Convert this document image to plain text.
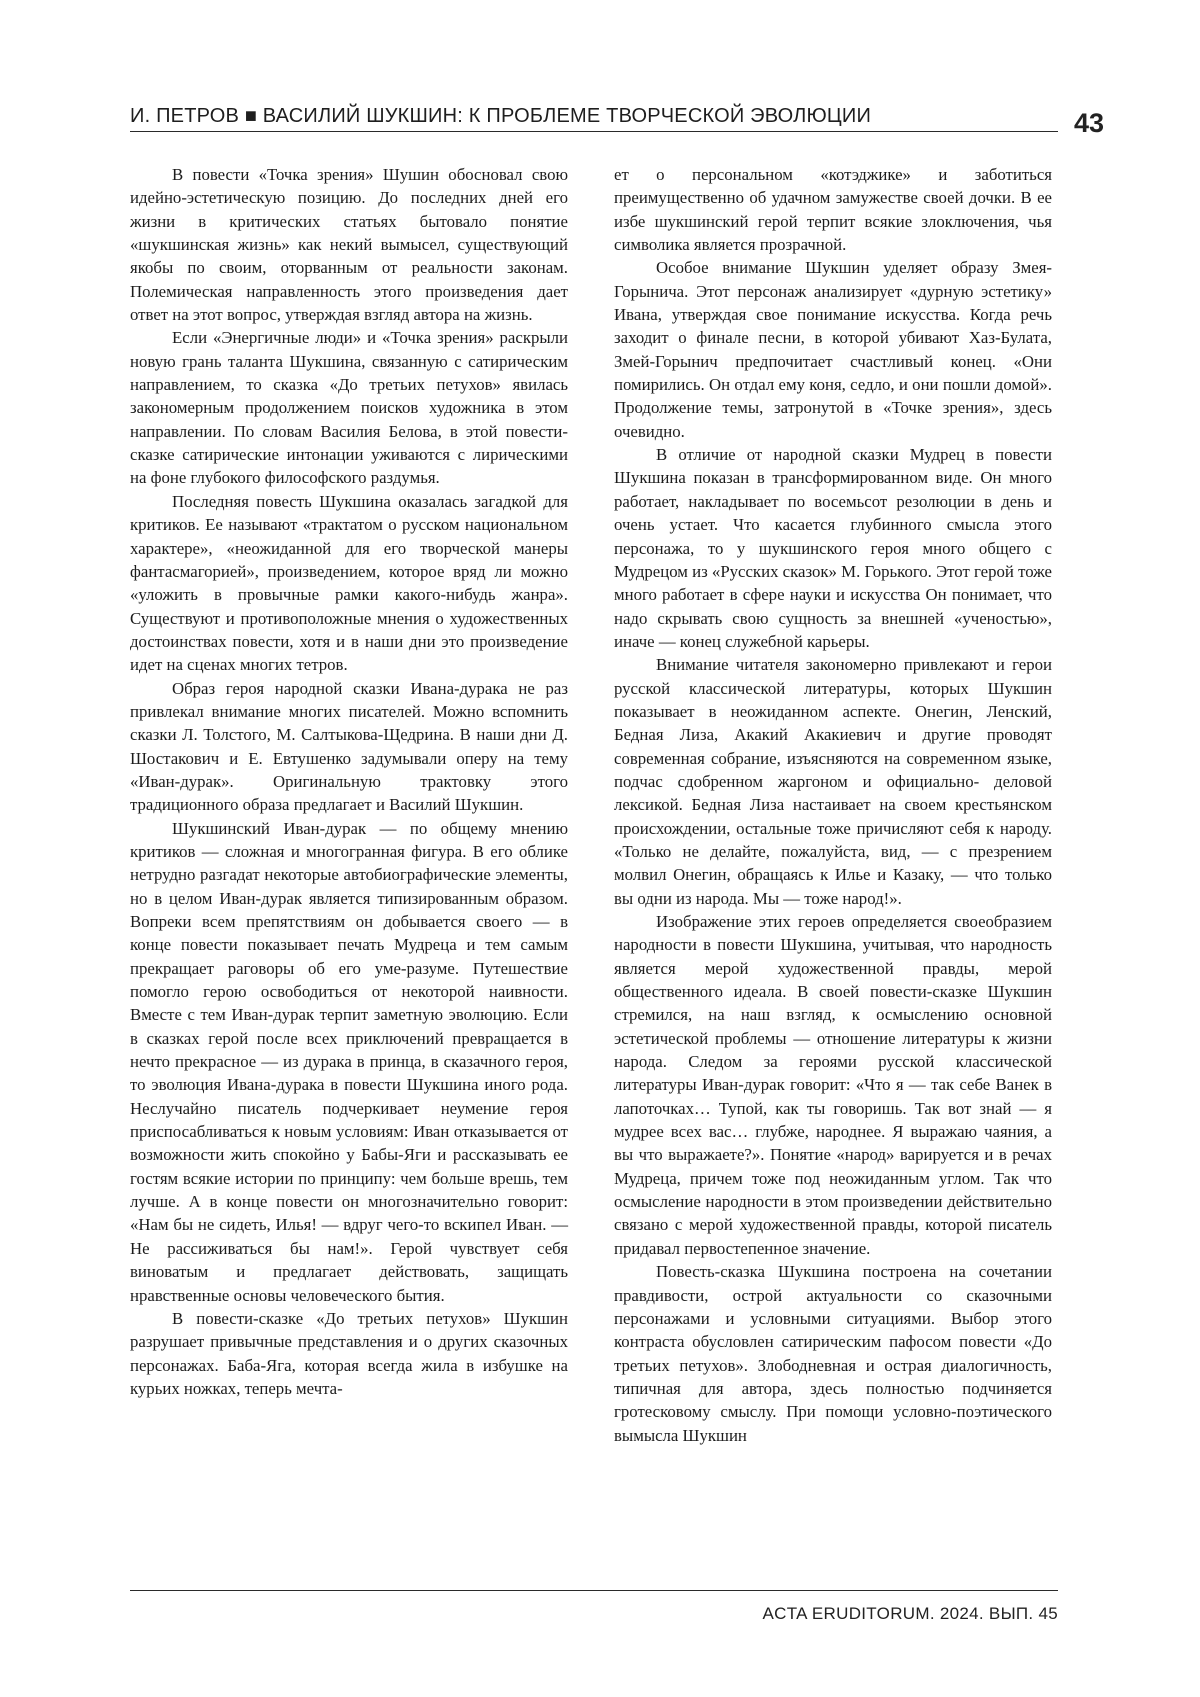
И. ПЕТРОВ ■ ВАСИЛИЙ ШУКШИН: К ПРОБЛЕМЕ ТВОРЧЕСКОЙ ЭВОЛЮЦИИ	43

В повести «Точка зрения» Шушин обосновал свою идейно-эстетическую позицию. До последних дней его жизни в критических статьях бытовало понятие «шукшинская жизнь» как некий вымысел, существующий якобы по своим, оторванным от реальности законам. Полемическая направленность этого произведения дает ответ на этот вопрос, утверждая взгляд автора на жизнь.

Если «Энергичные люди» и «Точка зрения» раскрыли новую грань таланта Шукшина, связанную с сатирическим направлением, то сказка «До третьих петухов» явилась закономерным продолжением поисков художника в этом направлении. По словам Василия Белова, в этой повести-сказке сатирические интонации уживаются с лирическими на фоне глубокого философского раздумья.

Последняя повесть Шукшина оказалась загадкой для критиков. Ее называют «трактатом о русском национальном характере», «неожиданной для его творческой манеры фантасмагорией», произведением, которое вряд ли можно «уложить в провычные рамки какого-нибудь жанра». Существуют и противоположные мнения о художественных достоинствах повести, хотя и в наши дни это произведение идет на сценах многих тетров.

Образ героя народной сказки Ивана-дурака не раз привлекал внимание многих писателей. Можно вспомнить сказки Л. Толстого, М. Салтыкова-Щедрина. В наши дни Д. Шостакович и Е. Евтушенко задумывали оперу на тему «Иван-дурак». Оригинальную трактовку этого традиционного образа предлагает и Василий Шукшин.

Шукшинский Иван-дурак — по общему мнению критиков — сложная и многогранная фигура. В его облике нетрудно разгадат некоторые автобиографические элементы, но в целом Иван-дурак является типизированным образом. Вопреки всем препятствиям он добывается своего — в конце повести показывает печать Мудреца и тем самым прекращает раговоры об его уме-разуме. Путешествие помогло герою освободиться от некоторой наивности. Вместе с тем Иван-дурак терпит заметную эволюцию. Если в сказках герой после всех приключений превращается в нечто прекрасное — из дурака в принца, в сказачного героя, то эволюция Ивана-дурака в повести Шукшина иного рода. Неслучайно писатель подчеркивает неумение героя приспосабливаться к новым условиям: Иван отказывается от возможности жить спокойно у Бабы-Яги и рассказывать ее гостям всякие истории по принципу: чем больше врешь, тем лучше. А в конце повести он многозначительно говорит: «Нам бы не сидеть, Илья! — вдруг чего-то вскипел Иван. — Не рассиживаться бы нам!». Герой чувствует себя виноватым и предлагает действовать, защищать нравственные основы человеческого бытия.

В повести-сказке «До третьих петухов» Шукшин разрушает привычные представления и о других сказочных персонажах. Баба-Яга, которая всегда жила в избушке на курьих ножках, теперь мечта-

ет о персональном «котэджике» и заботиться преимущественно об удачном замужестве своей дочки. В ее избе шукшинский герой терпит всякие злоключения, чья символика является прозрачной.

Особое внимание Шукшин уделяет образу Змея-Горынича. Этот персонаж анализирует «дурную эстетику» Ивана, утверждая свое понимание искусства. Когда речь заходит о финале песни, в которой убивают Хаз-Булата, Змей-Горынич предпочитает счастливый конец. «Они помирились. Он отдал ему коня, седло, и они пошли домой». Продолжение темы, затронутой в «Точке зрения», здесь очевидно.

В отличие от народной сказки Мудрец в повести Шукшина показан в трансформированном виде. Он много работает, накладывает по восемьсот резолюции в день и очень устает. Что касается глубинного смысла этого персонажа, то у шукшинского героя много общего с Мудрецом из «Русских сказок» М. Горького. Этот герой тоже много работает в сфере науки и искусства Он понимает, что надо скрывать свою сущность за внешней «ученостью», иначе — конец служебной карьеры.

Внимание читателя закономерно привлекают и герои русской классической литературы, которых Шукшин показывает в неожиданном аспекте. Онегин, Ленский, Бедная Лиза, Акакий Акакиевич и другие проводят современная собрание, изъясняются на современном языке, подчас сдобренном жаргоном и официально- деловой лексикой. Бедная Лиза настаивает на своем крестьянском происхождении, остальные тоже причисляют себя к народу. «Только не делайте, пожалуйста, вид, — с презрением молвил Онегин, обращаясь к Илье и Казаку, — что только вы одни из народа. Мы — тоже народ!».

Изображение этих героев определяется своеобразием народности в повести Шукшина, учитывая, что народность является мерой художественной правды, мерой общественного идеала. В своей повести-сказке Шукшин стремился, на наш взгляд, к осмыслению основной эстетической проблемы — отношение литературы к жизни народа. Следом за героями русской классической литературы Иван-дурак говорит: «Что я — так себе Ванек в лапоточках… Тупой, как ты говоришь. Так вот знай — я мудрее всех вас… глубже, народнее. Я выражаю чаяния, а вы что выражаете?». Понятие «народ» варируется и в речах Мудреца, причем тоже под неожиданным углом. Так что осмысление народности в этом произведении действительно связано с мерой художественной правды, которой писатель придавал первостепенное значение.

Повесть-сказка Шукшина построена на сочетании правдивости, острой актуальности со сказочными персонажами и условными ситуациями. Выбор этого контраста обусловлен сатирическим пафосом повести «До третьих петухов». Злободневная и острая диалогичность, типичная для автора, здесь полностью подчиняется гротесковому смыслу. При помощи условно-поэтического вымысла Шукшин

ACTA ERUDITORUM. 2024. ВЫП. 45
